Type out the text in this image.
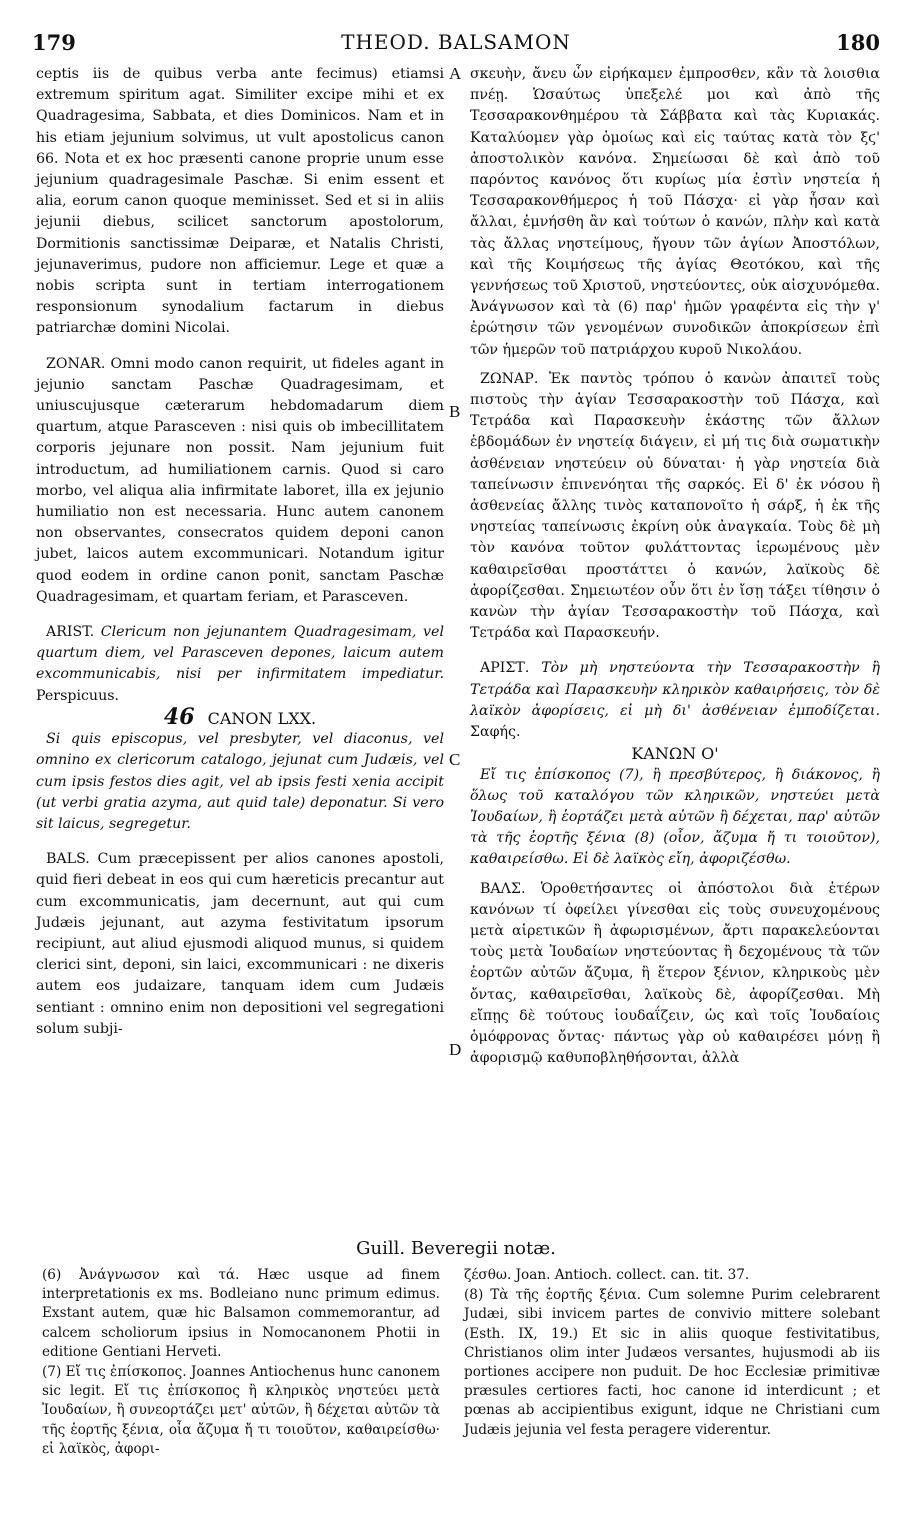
179	THEOD. BALSAMON	180

ceptis iis de quibus verba ante fecimus) etiamsi extremum spiritum agat. Similiter excipe mihi et ex Quadragesima, Sabbata, et dies Dominicos. Nam et in his etiam jejunium solvimus, ut vult apostolicus canon 66. Nota et ex hoc præsenti canone proprie unum esse jejunium quadragesimale Paschæ. Si enim essent et alia, eorum canon quoque meminisset. Sed et si in aliis jejunii diebus, scilicet sanctorum apostolorum, Dormitionis sanctissimæ Deiparæ, et Natalis Christi, jejunaverimus, pudore non afficiemur. Lege et quæ a nobis scripta sunt in tertiam interrogationem responsionum synodalium factarum in diebus patriarchæ domini Nicolai.

ZONAR. Omni modo canon requirit, ut fideles agant in jejunio sanctam Paschæ Quadragesimam, et uniuscujusque cæterarum hebdomadarum diem quartum, atque Parasceven : nisi quis ob imbecillitatem corporis jejunare non possit. Nam jejunium fuit introductum, ad humiliationem carnis. Quod si caro morbo, vel aliqua alia infirmitate laboret, illa ex jejunio humiliatio non est necessaria. Hunc autem canonem non observantes, consecratos quidem deponi canon jubet, laicos autem excommunicari. Notandum igitur quod eodem in ordine canon ponit, sanctam Paschæ Quadragesimam, et quartam feriam, et Parasceven.

ARIST. Clericum non jejunantem Quadragesimam, vel quartum diem, vel Parasceven depones, laicum autem excommunicabis, nisi per infirmitatem impediatur. Perspicuus.

46 CANON LXX.

Si quis episcopus, vel presbyter, vel diaconus, vel omnino ex clericorum catalogo, jejunat cum Judæis, vel cum ipsis festos dies agit, vel ab ipsis festi xenia accipit (ut verbi gratia azyma, aut quid tale) deponatur. Si vero sit laicus, segregetur.

BALS. Cum præcepissent per alios canones apostoli, quid fieri debeat in eos qui cum hæreticis precantur aut cum excommunicatis, jam decernunt, aut qui cum Judæis jejunant, aut azyma festivitatum ipsorum recipiunt, aut aliud ejusmodi aliquod munus, si quidem clerici sint, deponi, sin laici, excommunicari : ne dixeris autem eos judaizare, tanquam idem cum Judæis sentiant : omnino enim non depositioni vel segregationi solum subji-

A
B
C
D

σκευὴν, ἄνευ ὧν εἰρήκαμεν ἐμπροσθεν, κἂν τὰ λοισθια πνέῃ. Ὡσαύτως ὑπεξελέ μοι καὶ ἀπὸ τῆς Τεσσαρακονθημέρου τὰ Σάββατα καὶ τὰς Κυριακάς. Καταλύομεν γὰρ ὁμοίως καὶ εἰς ταύτας κατὰ τὸν ξϛ' ἀποστολικὸν κανόνα. Σημείωσαι δὲ καὶ ἀπὸ τοῦ παρόντος κανόνος ὅτι κυρίως μία ἐστὶν νηστεία ἡ Τεσσαρακονθήμερος ἡ τοῦ Πάσχα· εἰ γὰρ ἦσαν καὶ ἄλλαι, ἐμνήσθη ἂν καὶ τούτων ὁ κανών, πλὴν καὶ κατὰ τὰς ἄλλας νηστείμους, ἤγουν τῶν ἁγίων Ἀποστόλων, καὶ τῆς Κοιμήσεως τῆς ἁγίας Θεοτόκου, καὶ τῆς γεννήσεως τοῦ Χριστοῦ, νηστεύοντες, οὐκ αἰσχυνόμεθα. Ἀνάγνωσον καὶ τὰ (6) παρ' ἡμῶν γραφέντα εἰς τὴν γ' ἐρώτησιν τῶν γενομένων συνοδικῶν ἀποκρίσεων ἐπὶ τῶν ἡμερῶν τοῦ πατριάρχου κυροῦ Νικολάου.

ΖΩΝΑΡ. Ἐκ παντὸς τρόπου ὁ κανὼν ἀπαιτεῖ τοὺς πιστοὺς τὴν ἁγίαν Τεσσαρακοστὴν τοῦ Πάσχα, καὶ Τετράδα καὶ Παρασκευὴν ἑκάστης τῶν ἄλλων ἑβδομάδων ἐν νηστείᾳ διάγειν, εἰ μή τις διὰ σωματικὴν ἀσθένειαν νηστεύειν οὐ δύναται· ἡ γὰρ νηστεία διὰ ταπείνωσιν ἐπινενόηται τῆς σαρκός. Εἰ δ' ἐκ νόσου ἢ ἀσθενείας ἄλλης τινὸς καταπονοῖτο ἡ σάρξ, ἡ ἐκ τῆς νηστείας ταπείνωσις ἐκρίνη οὐκ ἀναγκαία. Τοὺς δὲ μὴ τὸν κανόνα τοῦτον φυλάττοντας ἱερωμένους μὲν καθαιρεῖσθαι προστάττει ὁ κανών, λαϊκοὺς δὲ ἀφορίζεσθαι. Σημειωτέον οὖν ὅτι ἐν ἴσῃ τάξει τίθησιν ὁ κανὼν τὴν ἁγίαν Τεσσαρακοστὴν τοῦ Πάσχα, καὶ Τετράδα καὶ Παρασκευήν.

ΑΡΙΣΤ. Τὸν μὴ νηστεύοντα τὴν Τεσσαρακοστὴν ἢ Τετράδα καὶ Παρασκευὴν κληρικὸν καθαιρήσεις, τὸν δὲ λαϊκὸν ἀφορίσεις, εἰ μὴ δι' ἀσθένειαν ἐμποδίζεται. Σαφής.

ΚΑΝΩΝ Ο'

Εἴ τις ἐπίσκοπος (7), ἢ πρεσβύτερος, ἢ διάκονος, ἢ ὅλως τοῦ καταλόγου τῶν κληρικῶν, νηστεύει μετὰ Ἰουδαίων, ἢ ἑορτάζει μετὰ αὐτῶν ἢ δέχεται, παρ' αὐτῶν τὰ τῆς ἑορτῆς ξένια (8) (οἷον, ἄζυμα ἤ τι τοιοῦτον), καθαιρείσθω. Εἰ δὲ λαϊκὸς εἴη, ἀφοριζέσθω.

ΒΑΛΣ. Ὁροθετήσαντες οἱ ἀπόστολοι διὰ ἑτέρων κανόνων τί ὀφείλει γίνεσθαι εἰς τοὺς συνευχομένους μετὰ αἱρετικῶν ἢ ἀφωρισμένων, ἄρτι παρακελεύονται τοὺς μετὰ Ἰουδαίων νηστεύοντας ἢ δεχομένους τὰ τῶν ἑορτῶν αὐτῶν ἄζυμα, ἢ ἕτερον ξένιον, κληρικοὺς μὲν ὄντας, καθαιρεῖσθαι, λαϊκοὺς δὲ, ἀφορίζεσθαι. Μὴ εἴπῃς δὲ τούτους ἰουδαΐζειν, ὡς καὶ τοῖς Ἰουδαίοις ὁμόφρονας ὄντας· πάντως γὰρ οὐ καθαιρέσει μόνῃ ἢ ἀφορισμῷ καθυποβληθήσονται, ἀλλὰ

Guill. Beveregii notæ.

(6) Ἀνάγνωσον καὶ τά. Hæc usque ad finem interpretationis ex ms. Bodleiano nunc primum edimus. Exstant autem, quæ hic Balsamon commemorantur, ad calcem scholiorum ipsius in Nomocanonem Photii in editione Gentiani Herveti.

(7) Εἴ τις ἐπίσκοπος. Joannes Antiochenus hunc canonem sic legit. Εἴ τις ἐπίσκοπος ἢ κληρικὸς νηστεύει μετὰ Ἰουδαίων, ἢ συνεορτάζει μετ' αὐτῶν, ἢ δέχεται αὐτῶν τὰ τῆς ἑορτῆς ξένια, οἷα ἄζυμα ἤ τι τοιοῦτον, καθαιρείσθω· εἰ λαϊκὸς, ἀφορι-

ζέσθω. Joan. Antioch. collect. can. tit. 37.

(8) Τὰ τῆς ἑορτῆς ξένια. Cum solemne Purim celebrarent Judæi, sibi invicem partes de convivio mittere solebant (Esth. IX, 19.) Et sic in aliis quoque festivitatibus, Christianos olim inter Judæos versantes, hujusmodi ab iis portiones accipere non puduit. De hoc Ecclesiæ primitivæ præsules certiores facti, hoc canone id interdicunt ; et pœnas ab accipientibus exigunt, idque ne Christiani cum Judæis jejunia vel festa peragere viderentur.
